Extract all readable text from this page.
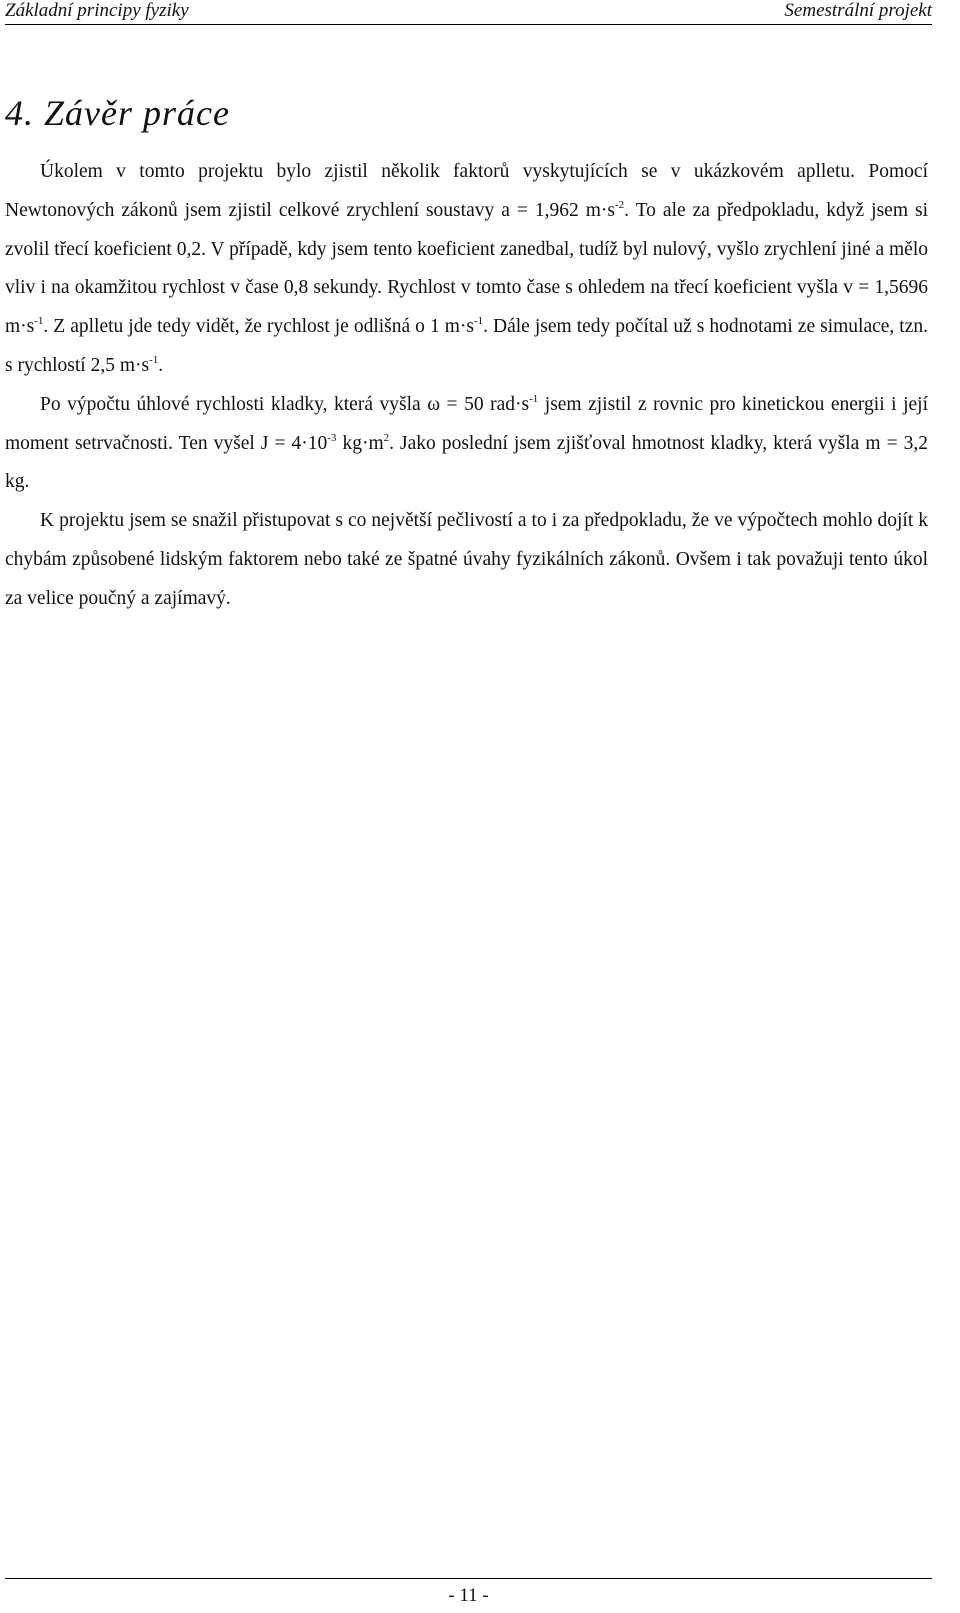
Základní principy fyziky	Semestrální projekt
4. Závěr práce

Úkolem v tomto projektu bylo zjistil několik faktorů vyskytujících se v ukázkovém aplletu. Pomocí Newtonových zákonů jsem zjistil celkové zrychlení soustavy a = 1,962 $m\cdot s^{-2}$. To ale za předpokladu, když jsem si zvolil třecí koeficient 0,2. V případě, kdy jsem tento koeficient zanedbal, tudíž byl nulový, vyšlo zrychlení jiné a mělo vliv i na okamžitou rychlost v čase 0,8 sekundy. Rychlost v tomto čase s ohledem na třecí koeficient vyšla v = 1,5696 $m\cdot s^{-1}$. Z aplletu jde tedy vidět, že rychlost je odlišná o 1 $m\cdot s^{-1}$. Dále jsem tedy počítal už s hodnotami ze simulace, tzn. s rychlostí 2,5 $m\cdot s^{-1}$.

Po výpočtu úhlové rychlosti kladky, která vyšla ω = 50 $rad\cdot s^{-1}$ jsem zjistil z rovnic pro kinetickou energii i její moment setrvačnosti. Ten vyšel $J = 4\cdot 10^{-3}$ $kg\cdot m^2$. Jako poslední jsem zjišťoval hmotnost kladky, která vyšla m = 3,2 kg.

K projektu jsem se snažil přistupovat s co největší pečlivostí a to i za předpokladu, že ve výpočtech mohlo dojít k chybám způsobené lidským faktorem nebo také ze špatné úvahy fyzikálních zákonů. Ovšem i tak považuji tento úkol za velice poučný a zajímavý.

- 11 -
